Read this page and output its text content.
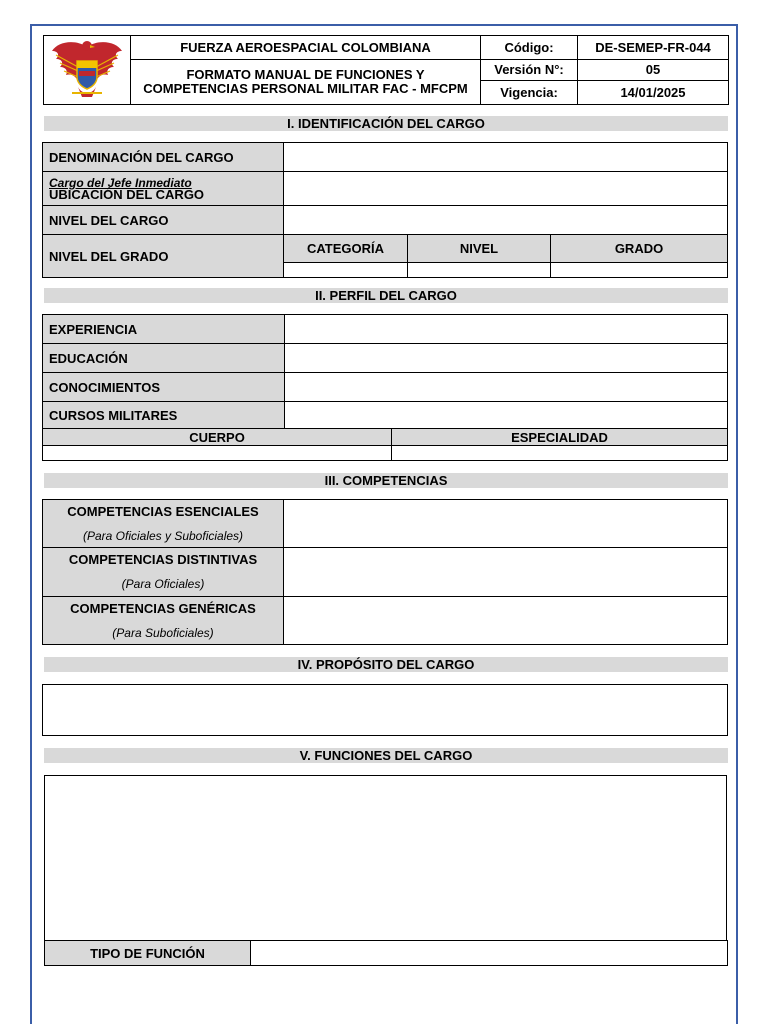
	FUERZA AEROESPACIAL COLOMBIANA	Código:	DE-SEMEP-FR-044
	FORMATO MANUAL DE FUNCIONES Y COMPETENCIAS PERSONAL MILITAR FAC - MFCPM	Versión N°:	05
		Vigencia:	14/01/2025
I. IDENTIFICACIÓN DEL CARGO
DENOMINACIÓN DEL CARGO			

Cargo del Jefe Inmediato
UBICACIÓN DEL CARGO			

NIVEL DEL CARGO			
NIVEL DEL GRADO	CATEGORÍA	NIVEL	GRADO

II. PERFIL DEL CARGO
EXPERIENCIA	
EDUCACIÓN	
CONOCIMIENTOS	
CURSOS MILITARES	
CUERPO	ESPECIALIDAD

III. COMPETENCIAS
COMPETENCIAS ESENCIALES
(Para Oficiales y Suboficiales)	

COMPETENCIAS DISTINTIVAS
(Para Oficiales)	

COMPETENCIAS GENÉRICAS
(Para Suboficiales)	

IV. PROPÓSITO DEL CARGO
V. FUNCIONES DEL CARGO
TIPO DE FUNCIÓN	
